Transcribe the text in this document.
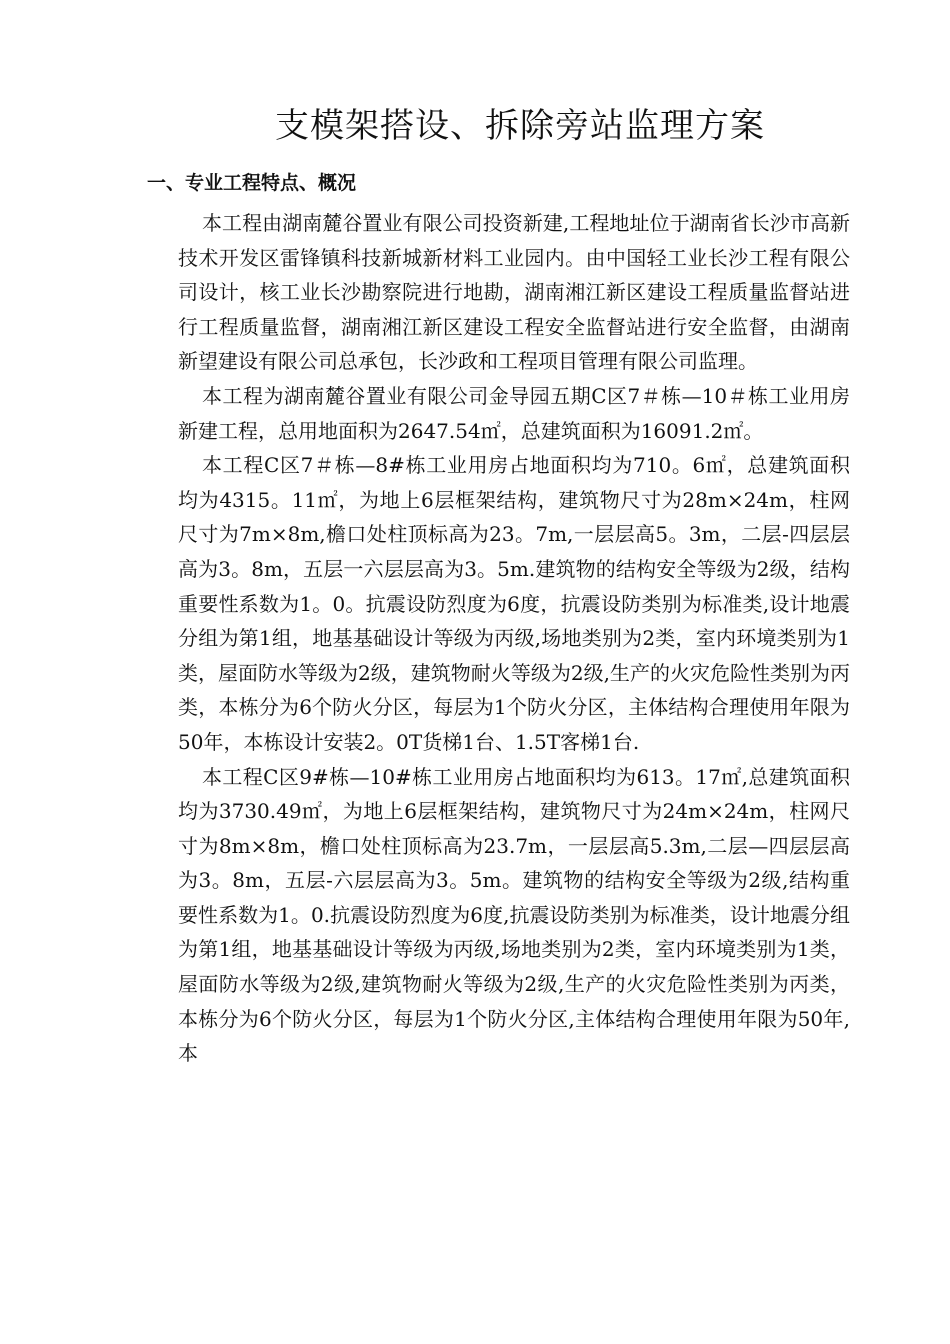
支模架搭设、拆除旁站监理方案
一、专业工程特点、概况

本工程由湖南麓谷置业有限公司投资新建,工程地址位于湖南省长沙市高新技术开发区雷锋镇科技新城新材料工业园内。由中国轻工业长沙工程有限公司设计，核工业长沙勘察院进行地勘，湖南湘江新区建设工程质量监督站进行工程质量监督，湖南湘江新区建设工程安全监督站进行安全监督，由湖南新望建设有限公司总承包，长沙政和工程项目管理有限公司监理。

本工程为湖南麓谷置业有限公司金导园五期C区7＃栋—10＃栋工业用房新建工程，总用地面积为2647.54㎡，总建筑面积为16091.2㎡。

本工程C区7＃栋—8#栋工业用房占地面积均为710。6㎡，总建筑面积均为4315。11㎡，为地上6层框架结构，建筑物尺寸为28m×24m，柱网尺寸为7m×8m,檐口处柱顶标高为23。7m,一层层高5。3m，二层-四层层高为3。8m，五层一六层层高为3。5m.建筑物的结构安全等级为2级，结构重要性系数为1。0。抗震设防烈度为6度，抗震设防类别为标准类,设计地震分组为第1组，地基基础设计等级为丙级,场地类别为2类，室内环境类别为1类，屋面防水等级为2级，建筑物耐火等级为2级,生产的火灾危险性类别为丙类，本栋分为6个防火分区，每层为1个防火分区，主体结构合理使用年限为50年，本栋设计安装2。0T货梯1台、1.5T客梯1台.

本工程C区9#栋—10#栋工业用房占地面积均为613。17㎡,总建筑面积均为3730.49㎡，为地上6层框架结构，建筑物尺寸为24m×24m，柱网尺寸为8m×8m，檐口处柱顶标高为23.7m，一层层高5.3m,二层—四层层高为3。8m，五层-六层层高为3。5m。建筑物的结构安全等级为2级,结构重要性系数为1。0.抗震设防烈度为6度,抗震设防类别为标准类，设计地震分组为第1组，地基基础设计等级为丙级,场地类别为2类，室内环境类别为1类，屋面防水等级为2级,建筑物耐火等级为2级,生产的火灾危险性类别为丙类，本栋分为6个防火分区，每层为1个防火分区,主体结构合理使用年限为50年,本
